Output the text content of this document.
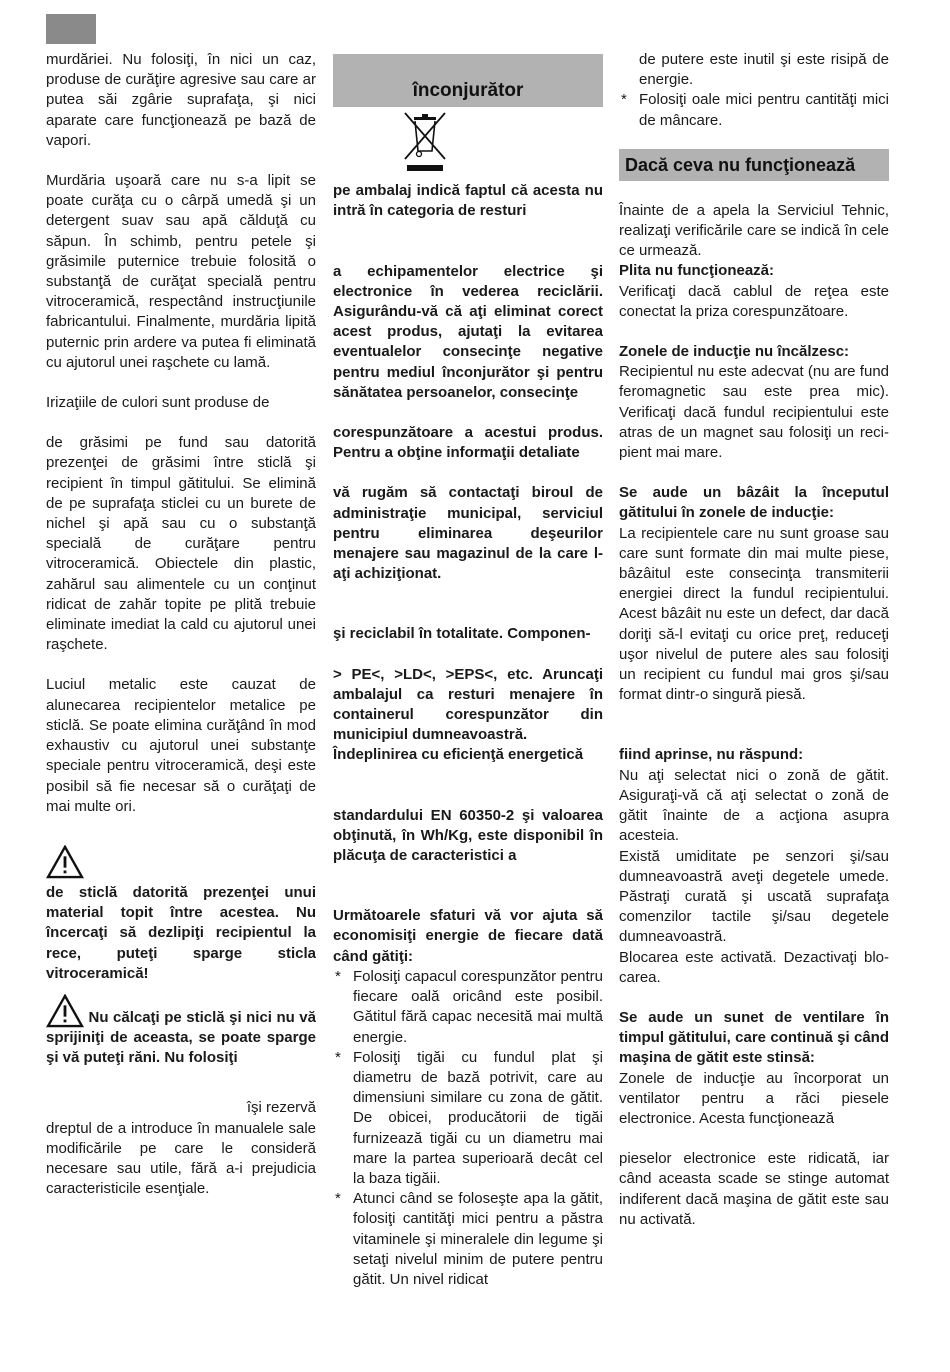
murdăriei. Nu folosiţi, în nici un caz, produse de curăţire agresive sau care ar putea săi zgârie suprafaţa, şi nici aparate care funcţionează pe bază de vapori.

Murdăria uşoară care nu s-a lipit se poate curăţa cu o cârpă umedă şi un detergent suav sau apă călduţă cu săpun. În schimb, pentru petele şi grăsimile puternice trebuie folosită o substanţă de curăţat specială pentru vitroceramică, respectând instrucţiunile fabricantului. Finalmente, murdăria lipită puternic prin ardere va putea fi eliminată cu ajutorul unei raşchete cu lamă.

Irizaţiile de culori sunt produse de

de grăsimi pe fund sau datorită prezenţei de grăsimi între sticlă şi recipient în timpul gătitului. Se elimină de pe suprafaţa sticlei cu un burete de nichel şi apă sau cu o substanţă specială de curăţare pentru vitroceramică. Obiectele din plastic, zahărul sau alimentele cu un conţinut ridicat de zahăr topite pe plită trebuie eliminate imediat la cald cu ajutorul unei raşchete.

Luciul metalic este cauzat de alunecarea recipientelor metalice pe sticlă. Se poate elimina curăţând în mod exhaustiv cu ajutorul unei substanţe speciale pentru vitroceramică, deşi este posibil să fie necesar să o curăţaţi de mai multe ori.

de sticlă datorită prezenţei unui material topit între acestea. Nu încercaţi să dezlipiţi recipientul la rece, puteţi sparge sticla vitroceramică!

Nu călcaţi pe sticlă şi nici nu vă sprijiniţi de aceasta, se poate sparge şi vă puteţi răni. Nu folosiţi

îşi rezervă

dreptul de a introduce în manualele sale modificările pe care le consideră necesare sau utile, fără a-i prejudicia caracteristicile esenţiale.

înconjurător

pe ambalaj indică faptul că acesta nu intră în categoria de resturi

a echipamentelor electrice şi electronice în vederea reciclării. Asigurându-vă că aţi eliminat corect acest produs, ajutaţi la evitarea eventualelor consecinţe negative pentru mediul înconjurător şi pentru sănătatea persoanelor, consecinţe

corespunzătoare a acestui produs. Pentru a obţine informaţii detaliate

vă rugăm să contactaţi biroul de administraţie municipal, serviciul pentru eliminarea deşeurilor menajere sau magazinul de la care l-aţi achiziţionat.

şi reciclabil în totalitate. Componen-

> PE<, >LD<, >EPS<, etc. Aruncaţi ambalajul ca resturi menajere în containerul corespunzător din municipiul dumneavoastră.

Îndeplinirea cu eficienţă energetică

standardului EN 60350-2 şi valoarea obţinută, în Wh/Kg, este disponibil în plăcuţa de caracteristici a

Următoarele sfaturi vă vor ajuta să economisiţi energie de fiecare dată când gătiţi:

* Folosiţi capacul corespunzător pentru fiecare oală oricând este posibil. Gătitul fără capac necesită mai multă energie.
* Folosiţi tigăi cu fundul plat şi diametru de bază potrivit, care au dimensiuni similare cu zona de gătit. De obicei, producătorii de tigăi furnizează tigăi cu un diametru mai mare la partea superioară decât cel la baza tigăii.
* Atunci când se foloseşte apa la gătit, folosiţi cantităţi mici pentru a păstra vitaminele şi mineralele din legume şi setaţi nivelul minim de putere pentru gătit. Un nivel ridicat

de putere este inutil şi este risipă de energie.

* Folosiţi oale mici pentru cantităţi mici de mâncare.
Dacă ceva nu funcţionează

Înainte de a apela la Serviciul Tehnic, realizaţi verificările care se indică în cele ce urmează.

Plita nu funcţionează:

Verificaţi dacă cablul de reţea este conectat la priza corespunzătoare.

Zonele de inducţie nu încălzesc:

Recipientul nu este adecvat (nu are fund feromagnetic sau este prea mic). Verificaţi dacă fundul recipientului este atras de un magnet sau folosiţi un reci- pient mai mare.

Se aude un bâzâit la începutul gătitului în zonele de inducţie:

La recipientele care nu sunt groase sau care sunt formate din mai multe piese, bâzâitul este consecinţa transmiterii energiei direct la fundul recipientului. Acest bâzâit nu este un defect, dar dacă doriţi să-l evitaţi cu orice preţ, reduceţi uşor nivelul de putere ales sau folosiţi un recipient cu fundul mai gros şi/sau format dintr-o singură piesă.

fiind aprinse, nu răspund:

Nu aţi selectat nici o zonă de gătit. Asiguraţi-vă că aţi selectat o zonă de gătit înainte de a acţiona asupra acesteia.

Există umiditate pe senzori şi/sau dumneavoastră aveţi degetele umede. Păstraţi curată şi uscată suprafaţa comenzilor tactile şi/sau degetele dumneavoastră.

Blocarea este activată. Dezactivaţi blo- carea.

Se aude un sunet de ventilare în timpul gătitului, care continuă şi când maşina de gătit este stinsă:

Zonele de inducţie au încorporat un ventilator pentru a răci piesele electronice. Acesta funcţionează

pieselor electronice este ridicată, iar când aceasta scade se stinge automat indiferent dacă maşina de gătit este sau nu activată.
